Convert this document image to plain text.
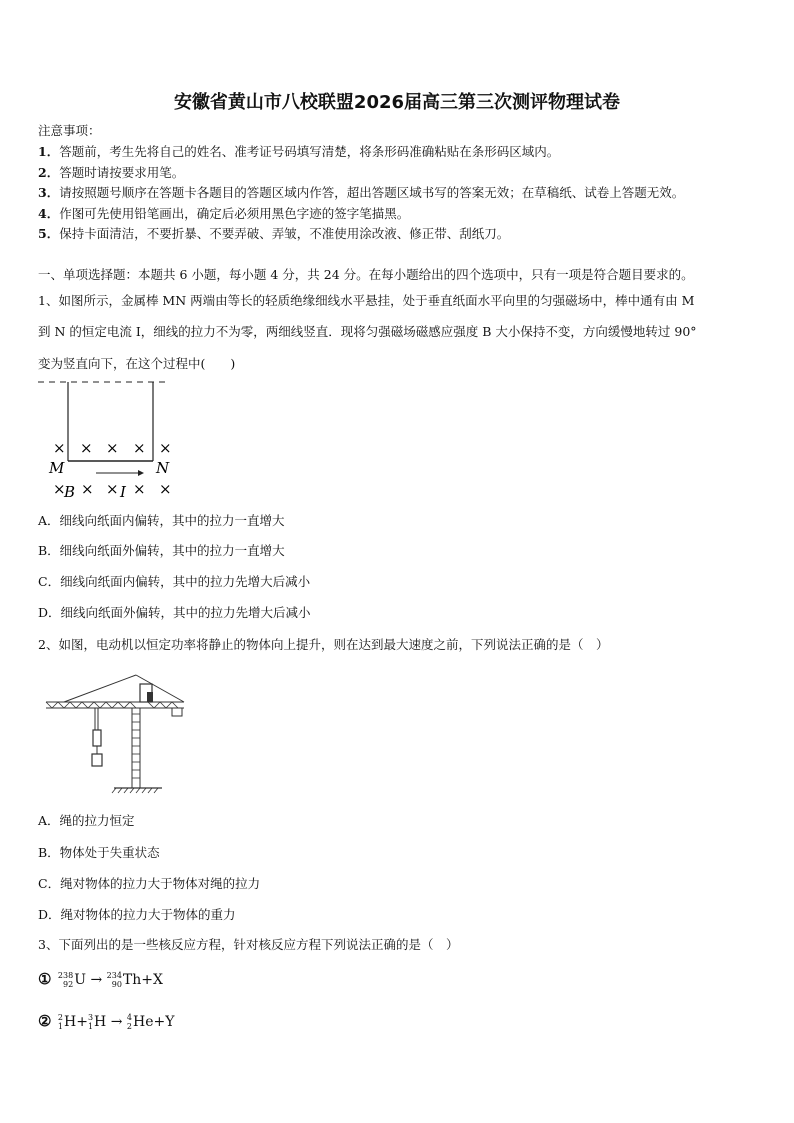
安徽省黄山市八校联盟2026届高三第三次测评物理试卷
注意事项：
1．答题前，考生先将自己的姓名、准考证号码填写清楚，将条形码准确粘贴在条形码区域内。
2．答题时请按要求用笔。
3．请按照题号顺序在答题卡各题目的答题区域内作答，超出答题区域书写的答案无效；在草稿纸、试卷上答题无效。
4．作图可先使用铅笔画出，确定后必须用黑色字迹的签字笔描黑。
5．保持卡面清洁，不要折暴、不要弄破、弄皱，不准使用涂改液、修正带、刮纸刀。
一、单项选择题：本题共 6 小题，每小题 4 分，共 24 分。在每小题给出的四个选项中，只有一项是符合题目要求的。
1、如图所示，金属棒 MN 两端由等长的轻质绝缘细线水平悬挂，处于垂直纸面水平向里的匀强磁场中，棒中通有由 M
到 N 的恒定电流 I，细线的拉力不为零，两细线竖直．现将匀强磁场磁感应强度 B 大小保持不变，方向缓慢地转过 90°
变为竖直向下，在这个过程中(　　)
× × × × ×
M	N
×
B × × I × ×
A．细线向纸面内偏转，其中的拉力一直增大
B．细线向纸面外偏转，其中的拉力一直增大
C．细线向纸面内偏转，其中的拉力先增大后减小
D．细线向纸面外偏转，其中的拉力先增大后减小
2、如图，电动机以恒定功率将静止的物体向上提升，则在达到最大速度之前，下列说法正确的是（　）
A．绳的拉力恒定
B．物体处于失重状态
C．绳对物体的拉力大于物体对绳的拉力
D．绳对物体的拉力大于物体的重力
3、下面列出的是一些核反应方程，针对核反应方程下列说法正确的是（　）
① 238
92 U → 234
90 Th+X
② 2
1 H+ 3
1 H → 4
2 He+Y
